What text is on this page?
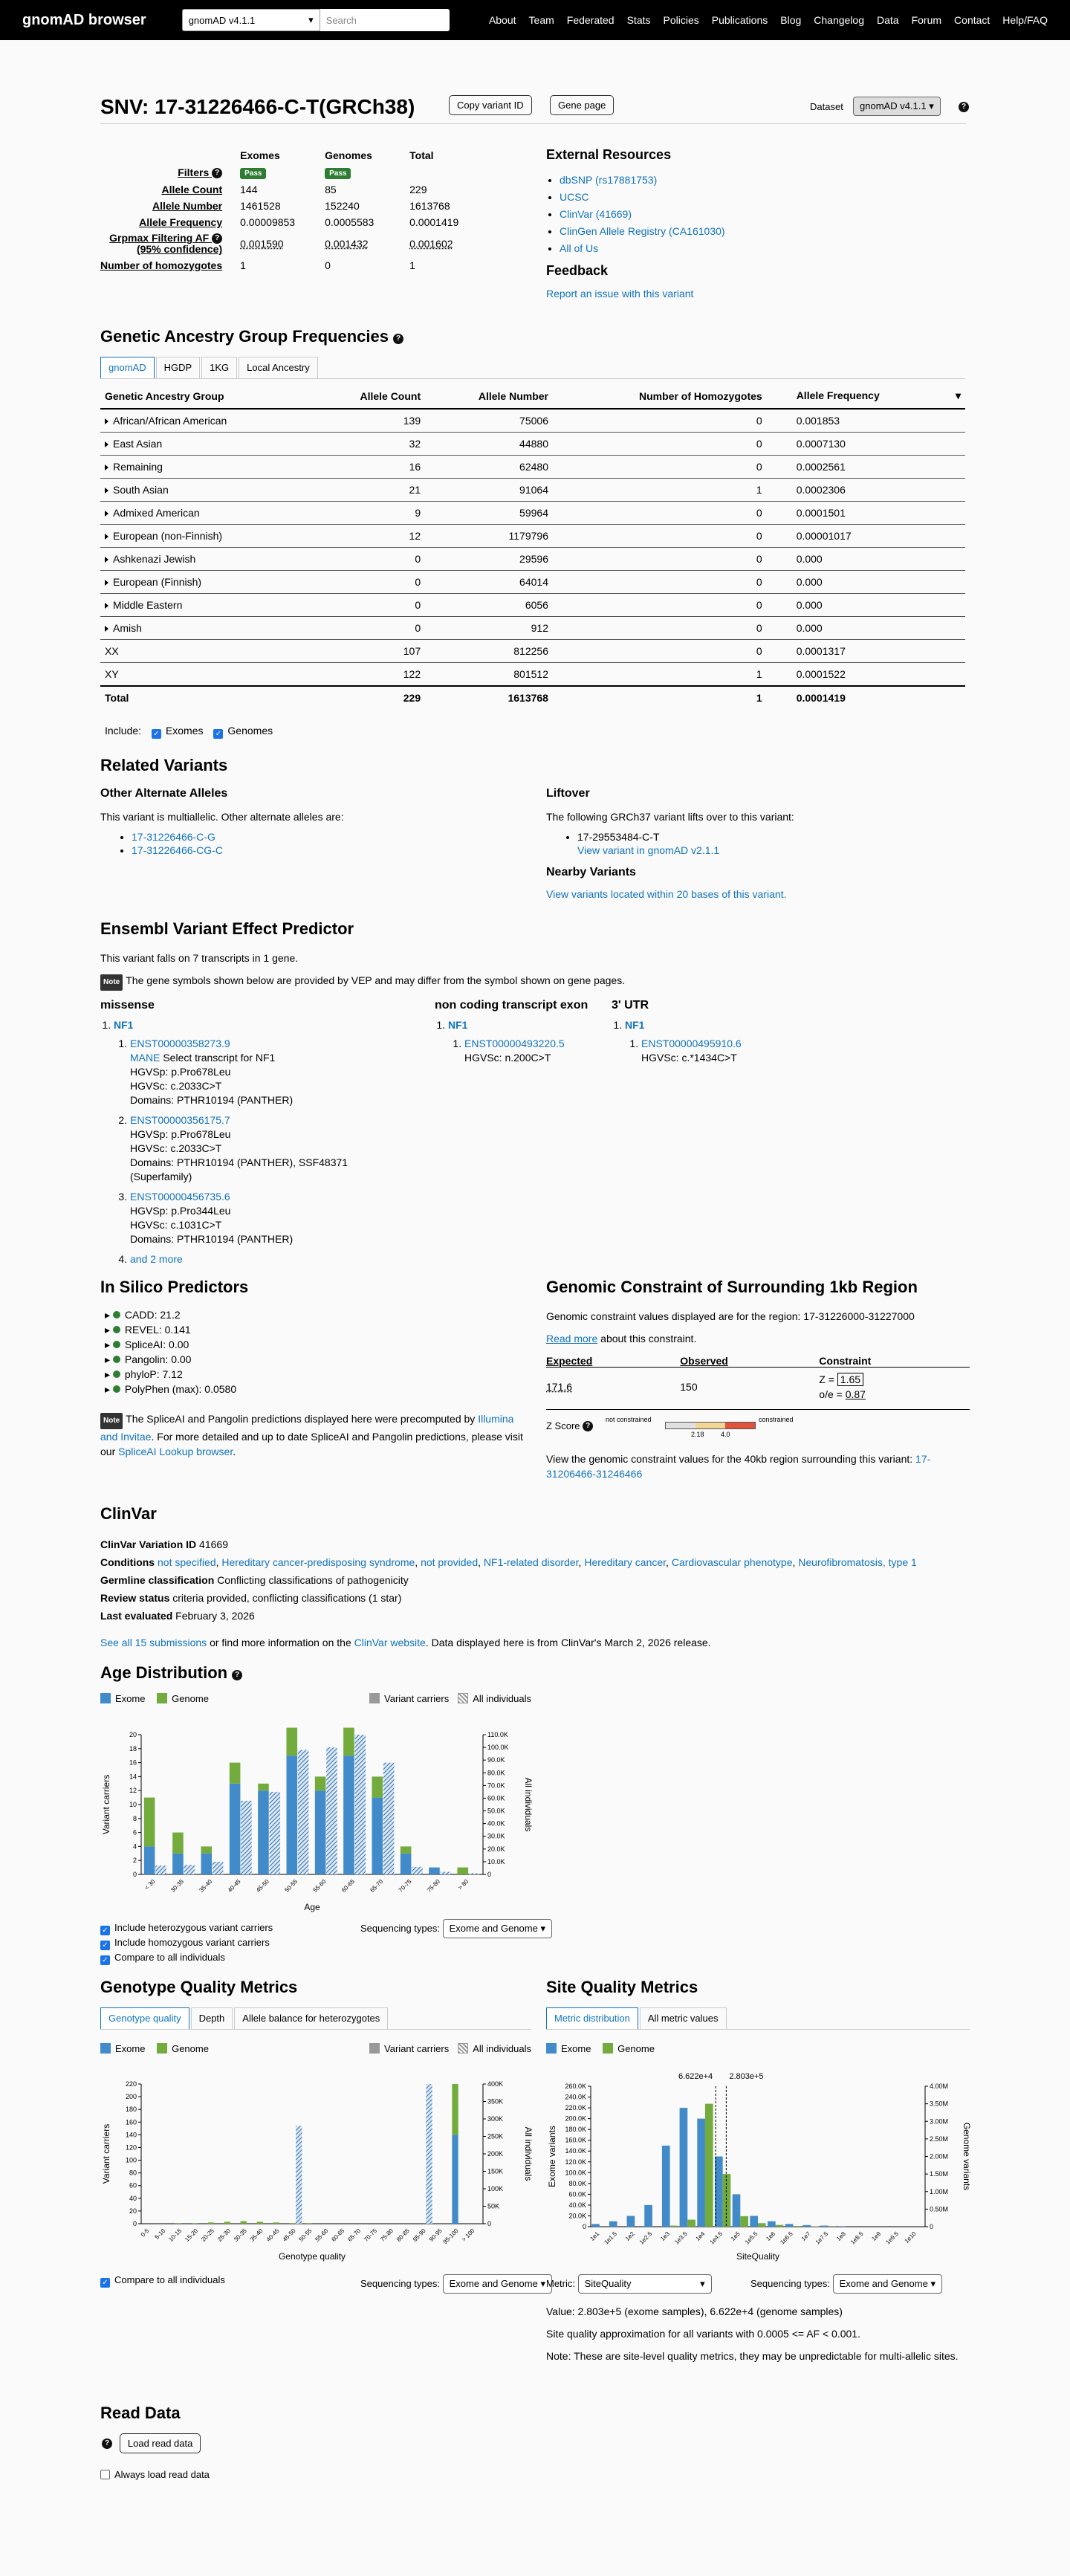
gnomAD browser	gnomAD v4.1.1	▾	Search	About Team Federated Stats Policies Publications Blog Changelog Data Forum Contact Help/FAQ
SNV: 17-31226466-C-T(GRCh38)	Copy variant ID	Gene page	Dataset	gnomAD v4.1.1 ▾	?
	Exomes	Genomes	Total
Filters ?	Pass	Pass	
Allele Count	144	85	229
Allele Number	1461528	152240	1613768
Allele Frequency	0.00009853	0.0005583	0.0001419
Grpmax Filtering AF ?
(95% confidence)	0.001590	0.001432	0.001602
Number of homozygotes	1	0	1
External Resources
• dbSNP (rs17881753)
• UCSC
• ClinVar (41669)
• ClinGen Allele Registry (CA161030)
• All of Us
Feedback
Report an issue with this variant
Genetic Ancestry Group Frequencies ?
gnomAD	HGDP	1KG	Local Ancestry
Genetic Ancestry Group	Allele Count	Allele Number	Number of Homozygotes	Allele Frequency ▾

African/African American	139	75006	0	0.001853
East Asian	32	44880	0	0.0007130
Remaining	16	62480	0	0.0002561
South Asian	21	91064	1	0.0002306
Admixed American	9	59964	0	0.0001501
European (non-Finnish)	12	1179796	0	0.00001017
Ashkenazi Jewish	0	29596	0	0.000
European (Finnish)	0	64014	0	0.000
Middle Eastern	0	6056	0	0.000
Amish	0	912	0	0.000
XX	107	812256	0	0.0001317
XY	122	801512	1	0.0001522
Total	229	1613768	1	0.0001419
Include: ✓ Exomes ✓ Genomes
Related Variants
Other Alternate Alleles
This variant is multiallelic. Other alternate alleles are:
• 17-31226466-C-G
• 17-31226466-CG-C
Liftover
The following GRCh37 variant lifts over to this variant:
• 17-29553484-C-T
View variant in gnomAD v2.1.1
Nearby Variants
View variants located within 20 bases of this variant.
Ensembl Variant Effect Predictor
This variant falls on 7 transcripts in 1 gene.
Note The gene symbols shown below are provided by VEP and may differ from the symbol shown on gene pages.
missense
1. NF1
1. ENST00000358273.9
MANE Select transcript for NF1
HGVSp: p.Pro678Leu
HGVSc: c.2033C>T
Domains: PTHR10194 (PANTHER)
2. ENST00000356175.7
HGVSp: p.Pro678Leu
HGVSc: c.2033C>T
Domains: PTHR10194 (PANTHER), SSF48371 (Superfamily)
3. ENST00000456735.6
HGVSp: p.Pro344Leu
HGVSc: c.1031C>T
Domains: PTHR10194 (PANTHER)
4. and 2 more
non coding transcript exon
1. NF1
1. ENST00000493220.5
HGVSc: n.200C>T
3' UTR
1. NF1
1. ENST00000495910.6
HGVSc: c.*1434C>T
In Silico Predictors
▸ CADD: 21.2
▸ REVEL: 0.141
▸ SpliceAI: 0.00
▸ Pangolin: 0.00
▸ phyloP: 7.12
▸ PolyPhen (max): 0.0580
Note The SpliceAI and Pangolin predictions displayed here were precomputed by Illumina and Invitae. For more detailed and up to date SpliceAI and Pangolin predictions, please visit our SpliceAI Lookup browser.
Genomic Constraint of Surrounding 1kb Region
Genomic constraint values displayed are for the region: 17-31226000-31227000
Read more about this constraint.
Expected	Observed	Constraint
171.6	150	Z = 1.65
o/e = 0.87
Z Score ?
not constrained
2.18 4.0
constrained
View the genomic constraint values for the 40kb region surrounding this variant: 17-31206466-31246466
ClinVar
ClinVar Variation ID 41669
Conditions not specified, Hereditary cancer-predisposing syndrome, not provided, NF1-related disorder, Hereditary cancer, Cardiovascular phenotype, Neurofibromatosis, type 1
Germline classification Conflicting classifications of pathogenicity
Review status criteria provided, conflicting classifications (1 star)
Last evaluated February 3, 2026
See all 15 submissions or find more information on the ClinVar website. Data displayed here is from ClinVar's March 2, 2026 release.
Age Distribution ?
Exome	Genome	Variant carriers All individuals
0
2
4
6
8
10
12
14
16
18
20
0
10.0K
20.0K
30.0K
40.0K
50.0K
60.0K
70.0K
80.0K
90.0K
100.0K
110.0K
< 30 30-35 35-40 40-45 45-50 50-55 55-60 60-65 65-70 70-75 75-80	> 80
Age
Variant carriers	All individuals
✓ Include heterozygous variant carriers
✓ Include homozygous variant carriers
✓ Compare to all individuals
Sequencing types: Exome and Genome ▾
Genotype Quality Metrics
Genotype quality	Depth	Allele balance for heterozygotes
Exome	Genome	Variant carriers All individuals
0
20
40
60
80
100
120
140
160
180
200
220
0
50K
100K
150K
200K
250K
300K
350K
400K
0-5 5-10 10-15 15-20 20-25 25-30 30-35 35-40 40-45 45-50 50-55 55-60 60-65 65-70 70-75 75-80 80-85 85-90 90-95
95-100 > 100
Genotype quality
Variant carriers	All individuals
✓ Compare to all individuals	Sequencing types: Exome and Genome ▾
Site Quality Metrics
Metric distribution	All metric values
Exome	Genome
0
20.0K
40.0K
60.0K
80.0K
100.0K
120.0K
140.0K
160.0K
180.0K
200.0K
220.0K
240.0K
260.0K
0
0.50M
1.00M
1.50M
2.00M
2.50M
3.00M
3.50M
4.00M
1e1 1e1.5 1e2 1e2.5 1e3 1e3.5 1e4 1e4.5 1e5 1e5.5 1e6 1e6.5 1e7 1e7.5 1e8 1e8.5 1e9 1e9.5 1e10
SiteQuality
Exome variants	Genome variants
6.622e+4 2.803e+5
Metric: SiteQuality	▾	Sequencing types: Exome and Genome ▾
Value: 2.803e+5 (exome samples), 6.622e+4 (genome samples)
Site quality approximation for all variants with 0.0005 <= AF < 0.001.
Note: These are site-level quality metrics, they may be unpredictable for multi-allelic sites.
Read Data
? Load read data
Always load read data
